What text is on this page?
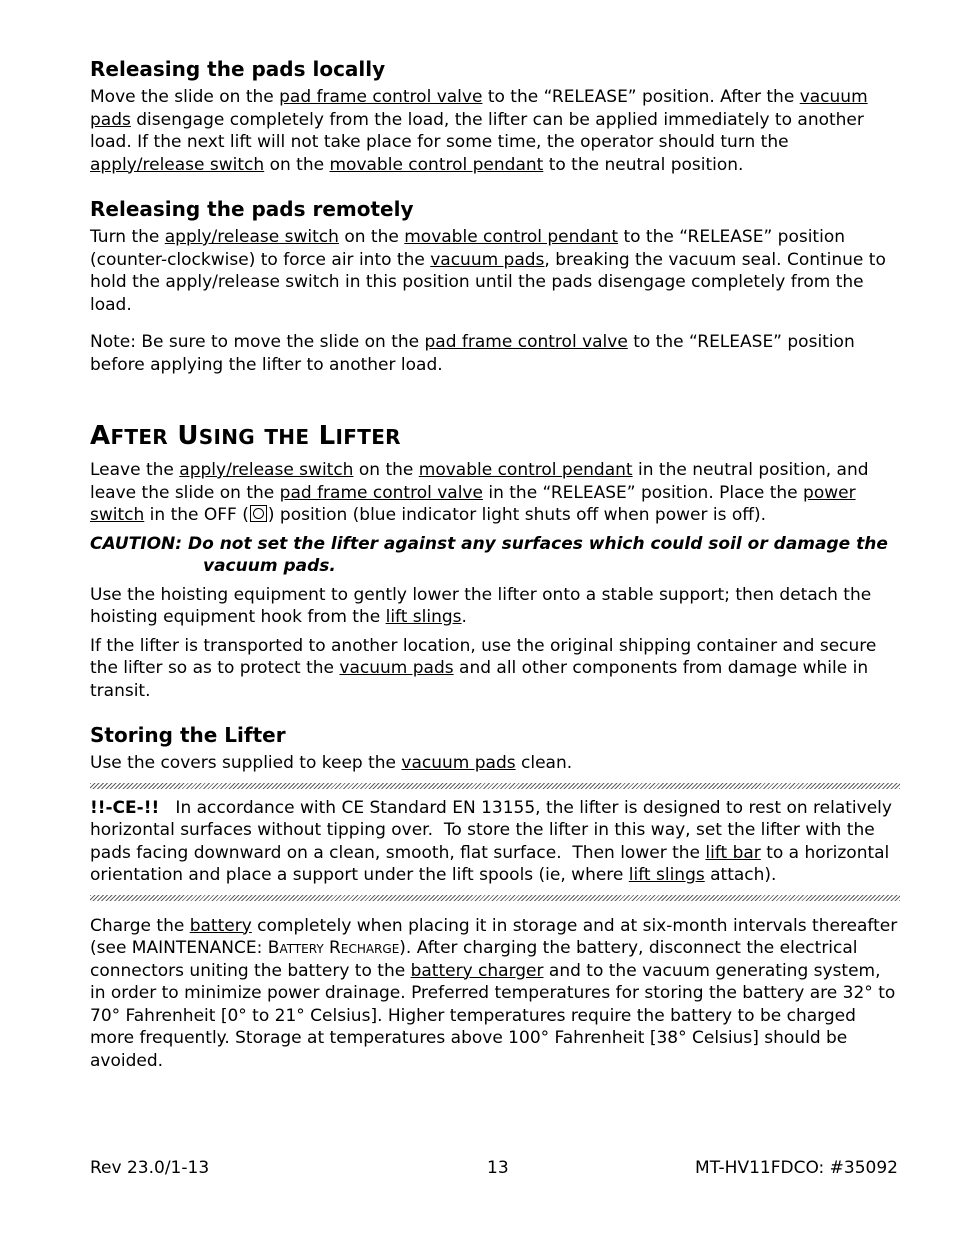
Releasing the pads locally

Move the slide on the pad frame control valve to the “RELEASE” position. After the vacuum pads disengage completely from the load, the lifter can be applied immediately to another load. If the next lift will not take place for some time, the operator should turn the apply/release switch on the movable control pendant to the neutral position.

Releasing the pads remotely

Turn the apply/release switch on the movable control pendant to the “RELEASE” position (counter-clockwise) to force air into the vacuum pads, breaking the vacuum seal. Continue to hold the apply/release switch in this position until the pads disengage completely from the load.

Note: Be sure to move the slide on the pad frame control valve to the “RELEASE” position before applying the lifter to another load.

AFTER USING THE LIFTER

Leave the apply/release switch on the movable control pendant in the neutral position, and leave the slide on the pad frame control valve in the “RELEASE” position. Place the power switch in the OFF ( ) position (blue indicator light shuts off when power is off).

CAUTION: Do not set the lifter against any surfaces which could soil or damage the
vacuum pads.

Use the hoisting equipment to gently lower the lifter onto a stable support; then detach the hoisting equipment hook from the lift slings.

If the lifter is transported to another location, use the original shipping container and secure the lifter so as to protect the vacuum pads and all other components from damage while in transit.

Storing the Lifter

Use the covers supplied to keep the vacuum pads clean.

!!-CE-!!   In accordance with CE Standard EN 13155, the lifter is designed to rest on relatively horizontal surfaces without tipping over.  To store the lifter in this way, set the lifter with the pads facing downward on a clean, smooth, flat surface.  Then lower the lift bar to a horizontal orientation and place a support under the lift spools (ie, where lift slings attach).

Charge the battery completely when placing it in storage and at six-month intervals thereafter (see MAINTENANCE: Battery Recharge). After charging the battery, disconnect the electrical connectors uniting the battery to the battery charger and to the vacuum generating system, in order to minimize power drainage. Preferred temperatures for storing the battery are 32° to 70° Fahrenheit [0° to 21° Celsius]. Higher temperatures require the battery to be charged more frequently. Storage at temperatures above 100° Fahrenheit [38° Celsius] should be avoided.

Rev 23.0/1-13	13	MT-HV11FDCO: #35092
